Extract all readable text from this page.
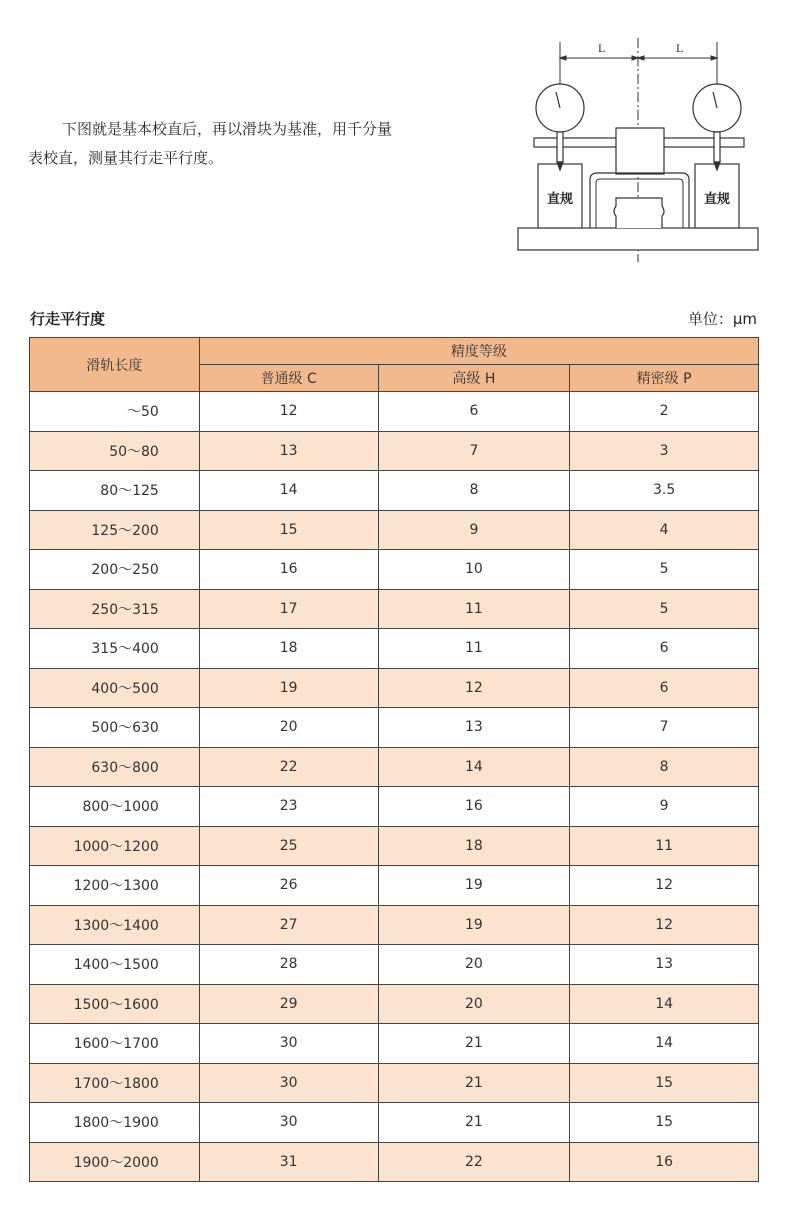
下图就是基本校直后，再以滑块为基准，用千分量
表校直，测量其行走平行度。
L	L
直规	直规
行走平行度	单位：μm
滑轨长度	精度等级		
	普通级 C	高级 H	精密级 P
～50	12	6	2
50～80	13	7	3
80～125	14	8	3.5
125～200	15	9	4
200～250	16	10	5
250～315	17	11	5
315～400	18	11	6
400～500	19	12	6
500～630	20	13	7
630～800	22	14	8
800～1000	23	16	9
1000～1200	25	18	11
1200～1300	26	19	12
1300～1400	27	19	12
1400～1500	28	20	13
1500～1600	29	20	14
1600～1700	30	21	14
1700～1800	30	21	15
1800～1900	30	21	15
1900～2000	31	22	16
